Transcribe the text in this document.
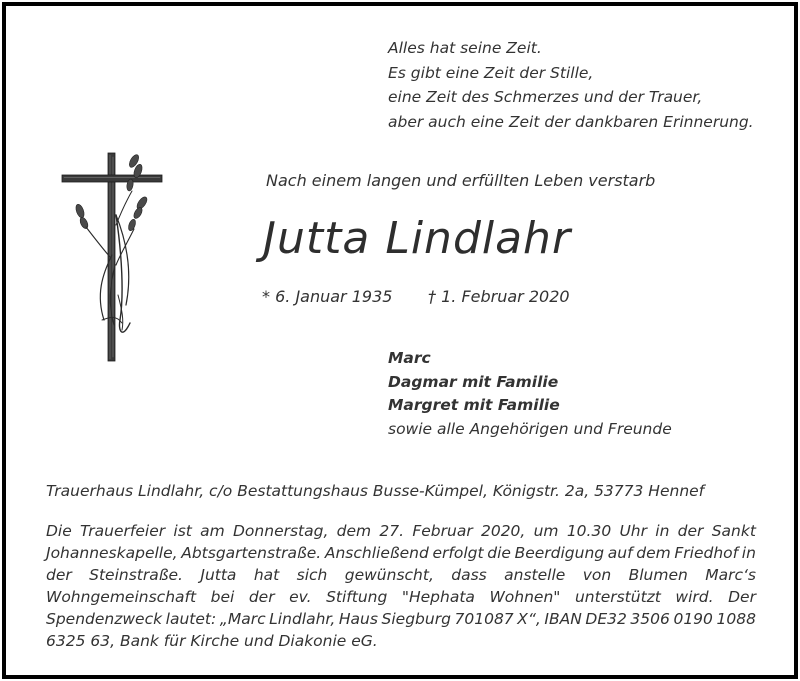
Alles hat seine Zeit.
Es gibt eine Zeit der Stille,
eine Zeit des Schmerzes und der Trauer,
aber auch eine Zeit der dankbaren Erinnerung.
Nach einem langen und erfüllten Leben verstarb
Jutta Lindlahr
* 6. Januar 1935 † 1. Februar 2020
Marc
Dagmar mit Familie
Margret mit Familie
sowie alle Angehörigen und Freunde
Trauerhaus Lindlahr, c/o Bestattungshaus Busse-Kümpel, Königstr. 2a, 53773 Hennef
Die Trauerfeier ist am Donnerstag, dem 27. Februar 2020, um 10.30 Uhr in der Sankt
Johanneskapelle, Abtsgartenstraße. Anschließend erfolgt die Beerdigung auf dem Friedhof in
der Steinstraße. Jutta hat sich gewünscht, dass anstelle von Blumen Marc‘s
Wohngemeinschaft bei der ev. Stiftung "Hephata Wohnen" unterstützt wird. Der
Spendenzweck lautet: „Marc Lindlahr, Haus Siegburg 701087 X“, IBAN DE32 3506 0190 1088
6325 63, Bank für Kirche und Diakonie eG.
